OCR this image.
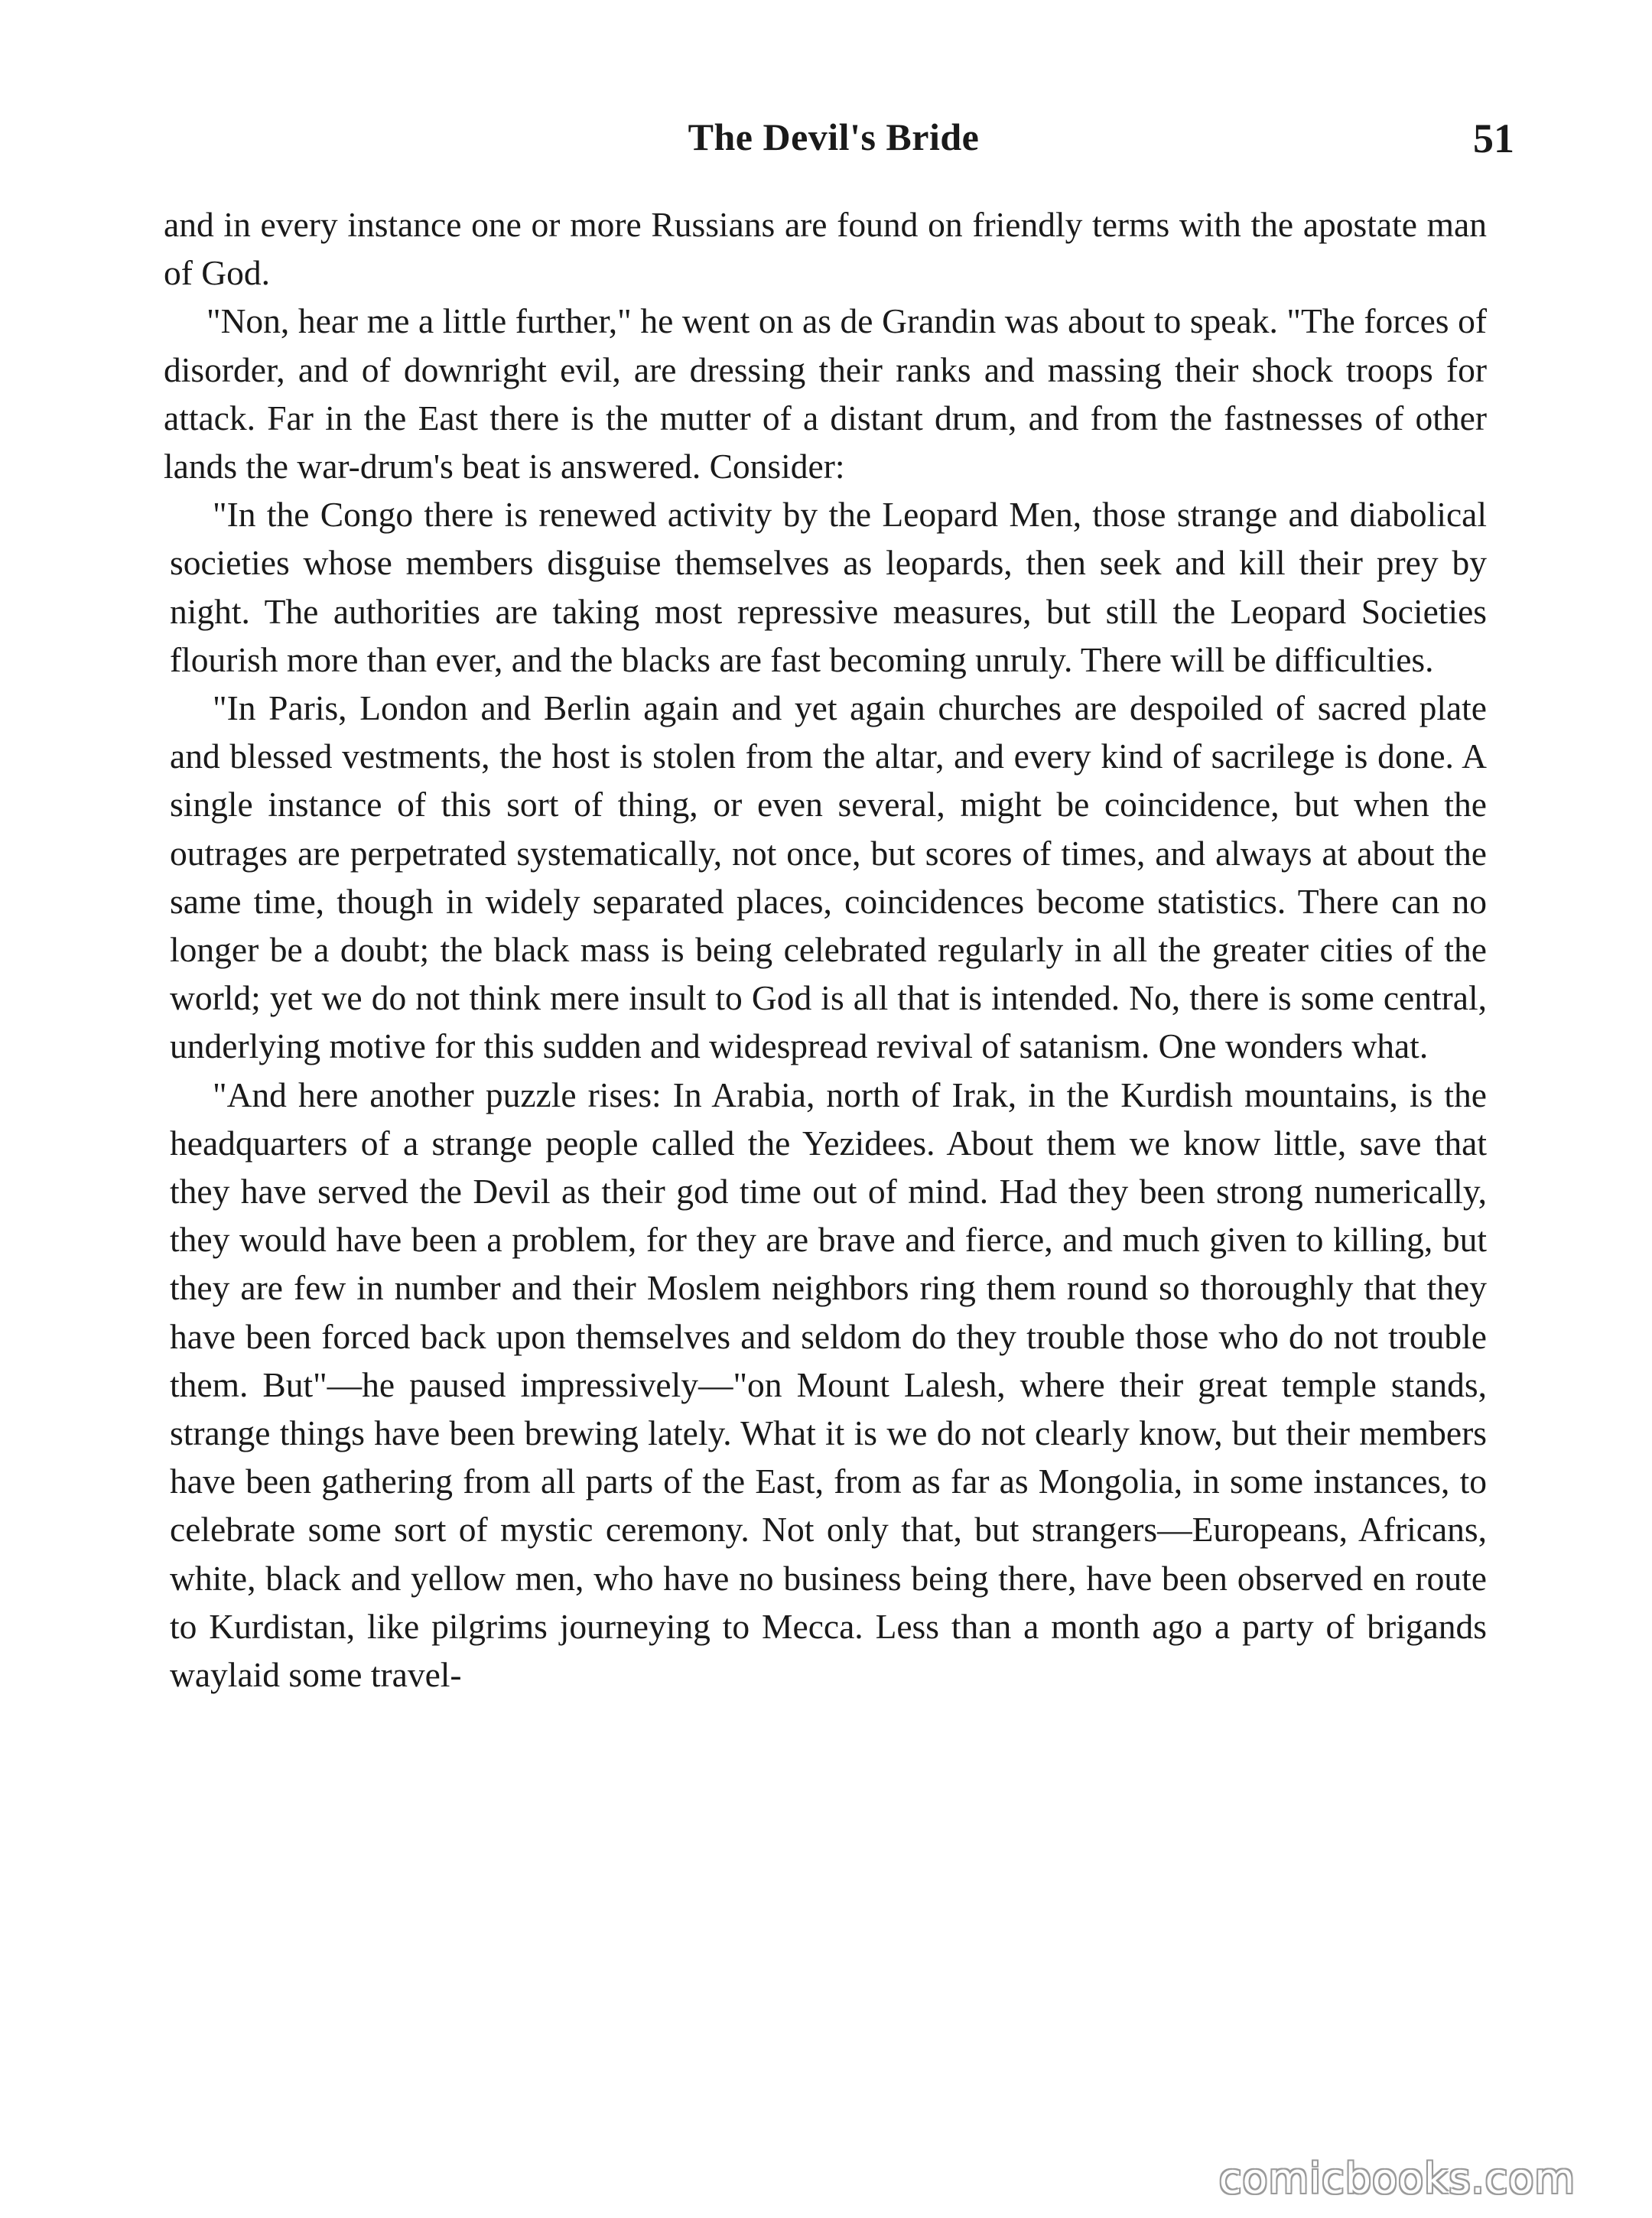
The Devil's Bride	51

and in every instance one or more Russians are found on friendly terms with the apostate man of God.

"Non, hear me a little further," he went on as de Grandin was about to speak. "The forces of disorder, and of downright evil, are dressing their ranks and massing their shock troops for attack. Far in the East there is the mutter of a distant drum, and from the fastnesses of other lands the war-drum's beat is answered. Consider:

"In the Congo there is renewed activity by the Leopard Men, those strange and diabolical societies whose members disguise themselves as leopards, then seek and kill their prey by night. The authorities are taking most repressive measures, but still the Leopard Societies flourish more than ever, and the blacks are fast becoming unruly. There will be difficulties.

"In Paris, London and Berlin again and yet again churches are despoiled of sacred plate and blessed vestments, the host is stolen from the altar, and every kind of sacrilege is done. A single instance of this sort of thing, or even several, might be coincidence, but when the outrages are perpetrated systematically, not once, but scores of times, and always at about the same time, though in widely separated places, coincidences become statistics. There can no longer be a doubt; the black mass is being celebrated regularly in all the greater cities of the world; yet we do not think mere insult to God is all that is intended. No, there is some central, underlying motive for this sudden and widespread revival of satanism. One wonders what.

"And here another puzzle rises: In Arabia, north of Irak, in the Kurdish mountains, is the headquarters of a strange people called the Yezidees. About them we know little, save that they have served the Devil as their god time out of mind. Had they been strong numerically, they would have been a problem, for they are brave and fierce, and much given to killing, but they are few in number and their Moslem neighbors ring them round so thoroughly that they have been forced back upon themselves and seldom do they trouble those who do not trouble them. But"—he paused impressively—"on Mount Lalesh, where their great temple stands, strange things have been brewing lately. What it is we do not clearly know, but their members have been gathering from all parts of the East, from as far as Mongolia, in some instances, to celebrate some sort of mystic ceremony. Not only that, but strangers—Europeans, Africans, white, black and yellow men, who have no business being there, have been observed en route to Kurdistan, like pilgrims journeying to Mecca. Less than a month ago a party of brigands waylaid some travel-

comicbooks.com
